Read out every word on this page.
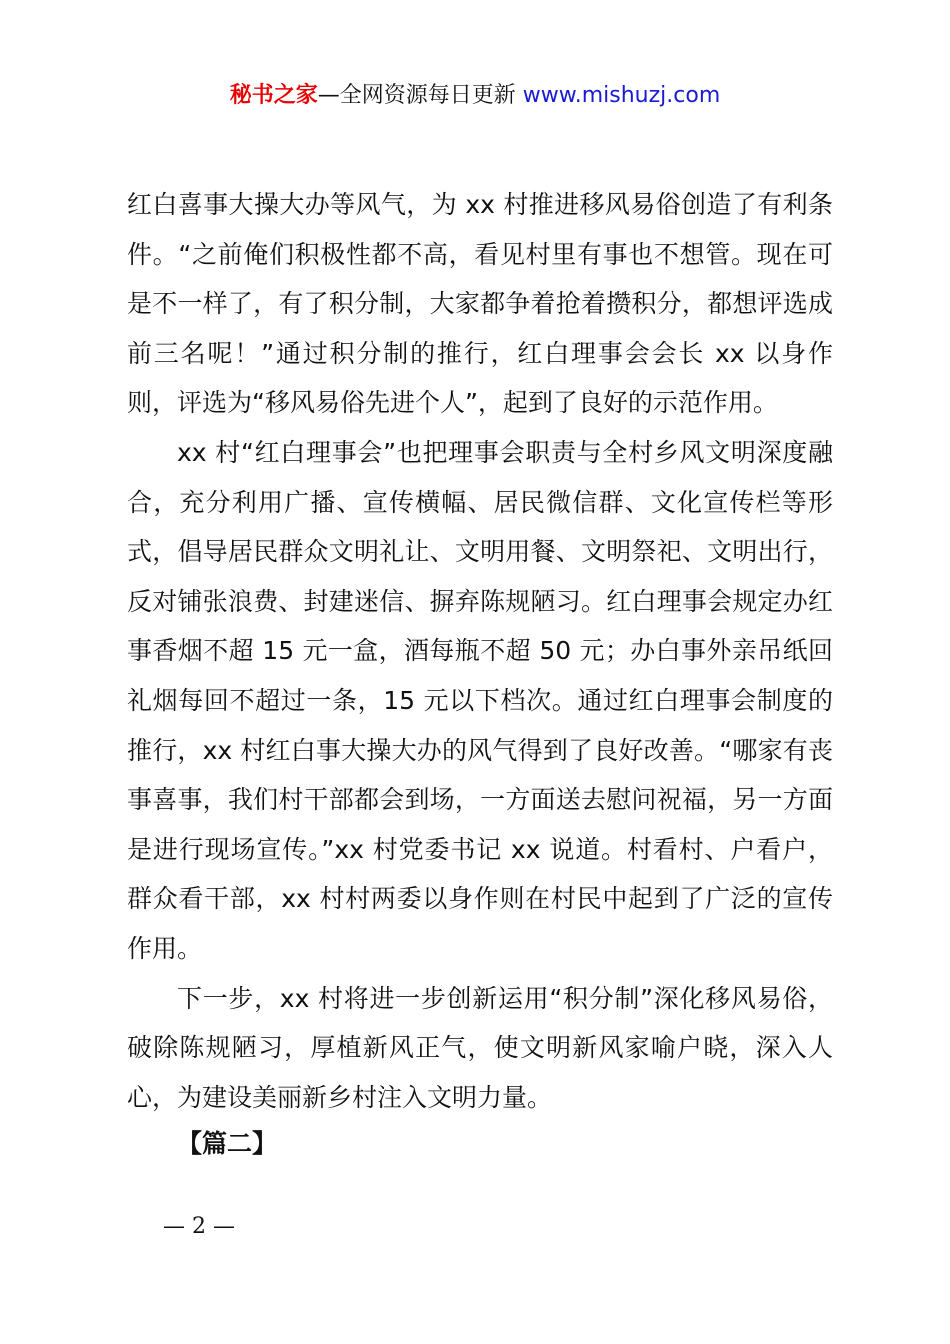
秘书之家—全网资源每日更新 www.mishuzj.com

红白喜事大操大办等风气，为 xx 村推进移风易俗创造了有利条件。“之前俺们积极性都不高，看见村里有事也不想管。现在可是不一样了，有了积分制，大家都争着抢着攒积分，都想评选成前三名呢！”通过积分制的推行，红白理事会会长 xx 以身作则，评选为“移风易俗先进个人”，起到了良好的示范作用。

xx 村“红白理事会”也把理事会职责与全村乡风文明深度融合，充分利用广播、宣传横幅、居民微信群、文化宣传栏等形式，倡导居民群众文明礼让、文明用餐、文明祭祀、文明出行，反对铺张浪费、封建迷信、摒弃陈规陋习。红白理事会规定办红事香烟不超 15 元一盒，酒每瓶不超 50 元；办白事外亲吊纸回礼烟每回不超过一条，15 元以下档次。通过红白理事会制度的推行，xx 村红白事大操大办的风气得到了良好改善。“哪家有丧事喜事，我们村干部都会到场，一方面送去慰问祝福，另一方面是进行现场宣传。”xx 村党委书记 xx 说道。村看村、户看户，群众看干部，xx 村村两委以身作则在村民中起到了广泛的宣传作用。

下一步，xx 村将进一步创新运用“积分制”深化移风易俗，破除陈规陋习，厚植新风正气，使文明新风家喻户晓，深入人心，为建设美丽新乡村注入文明力量。

【篇二】
— 2 —
